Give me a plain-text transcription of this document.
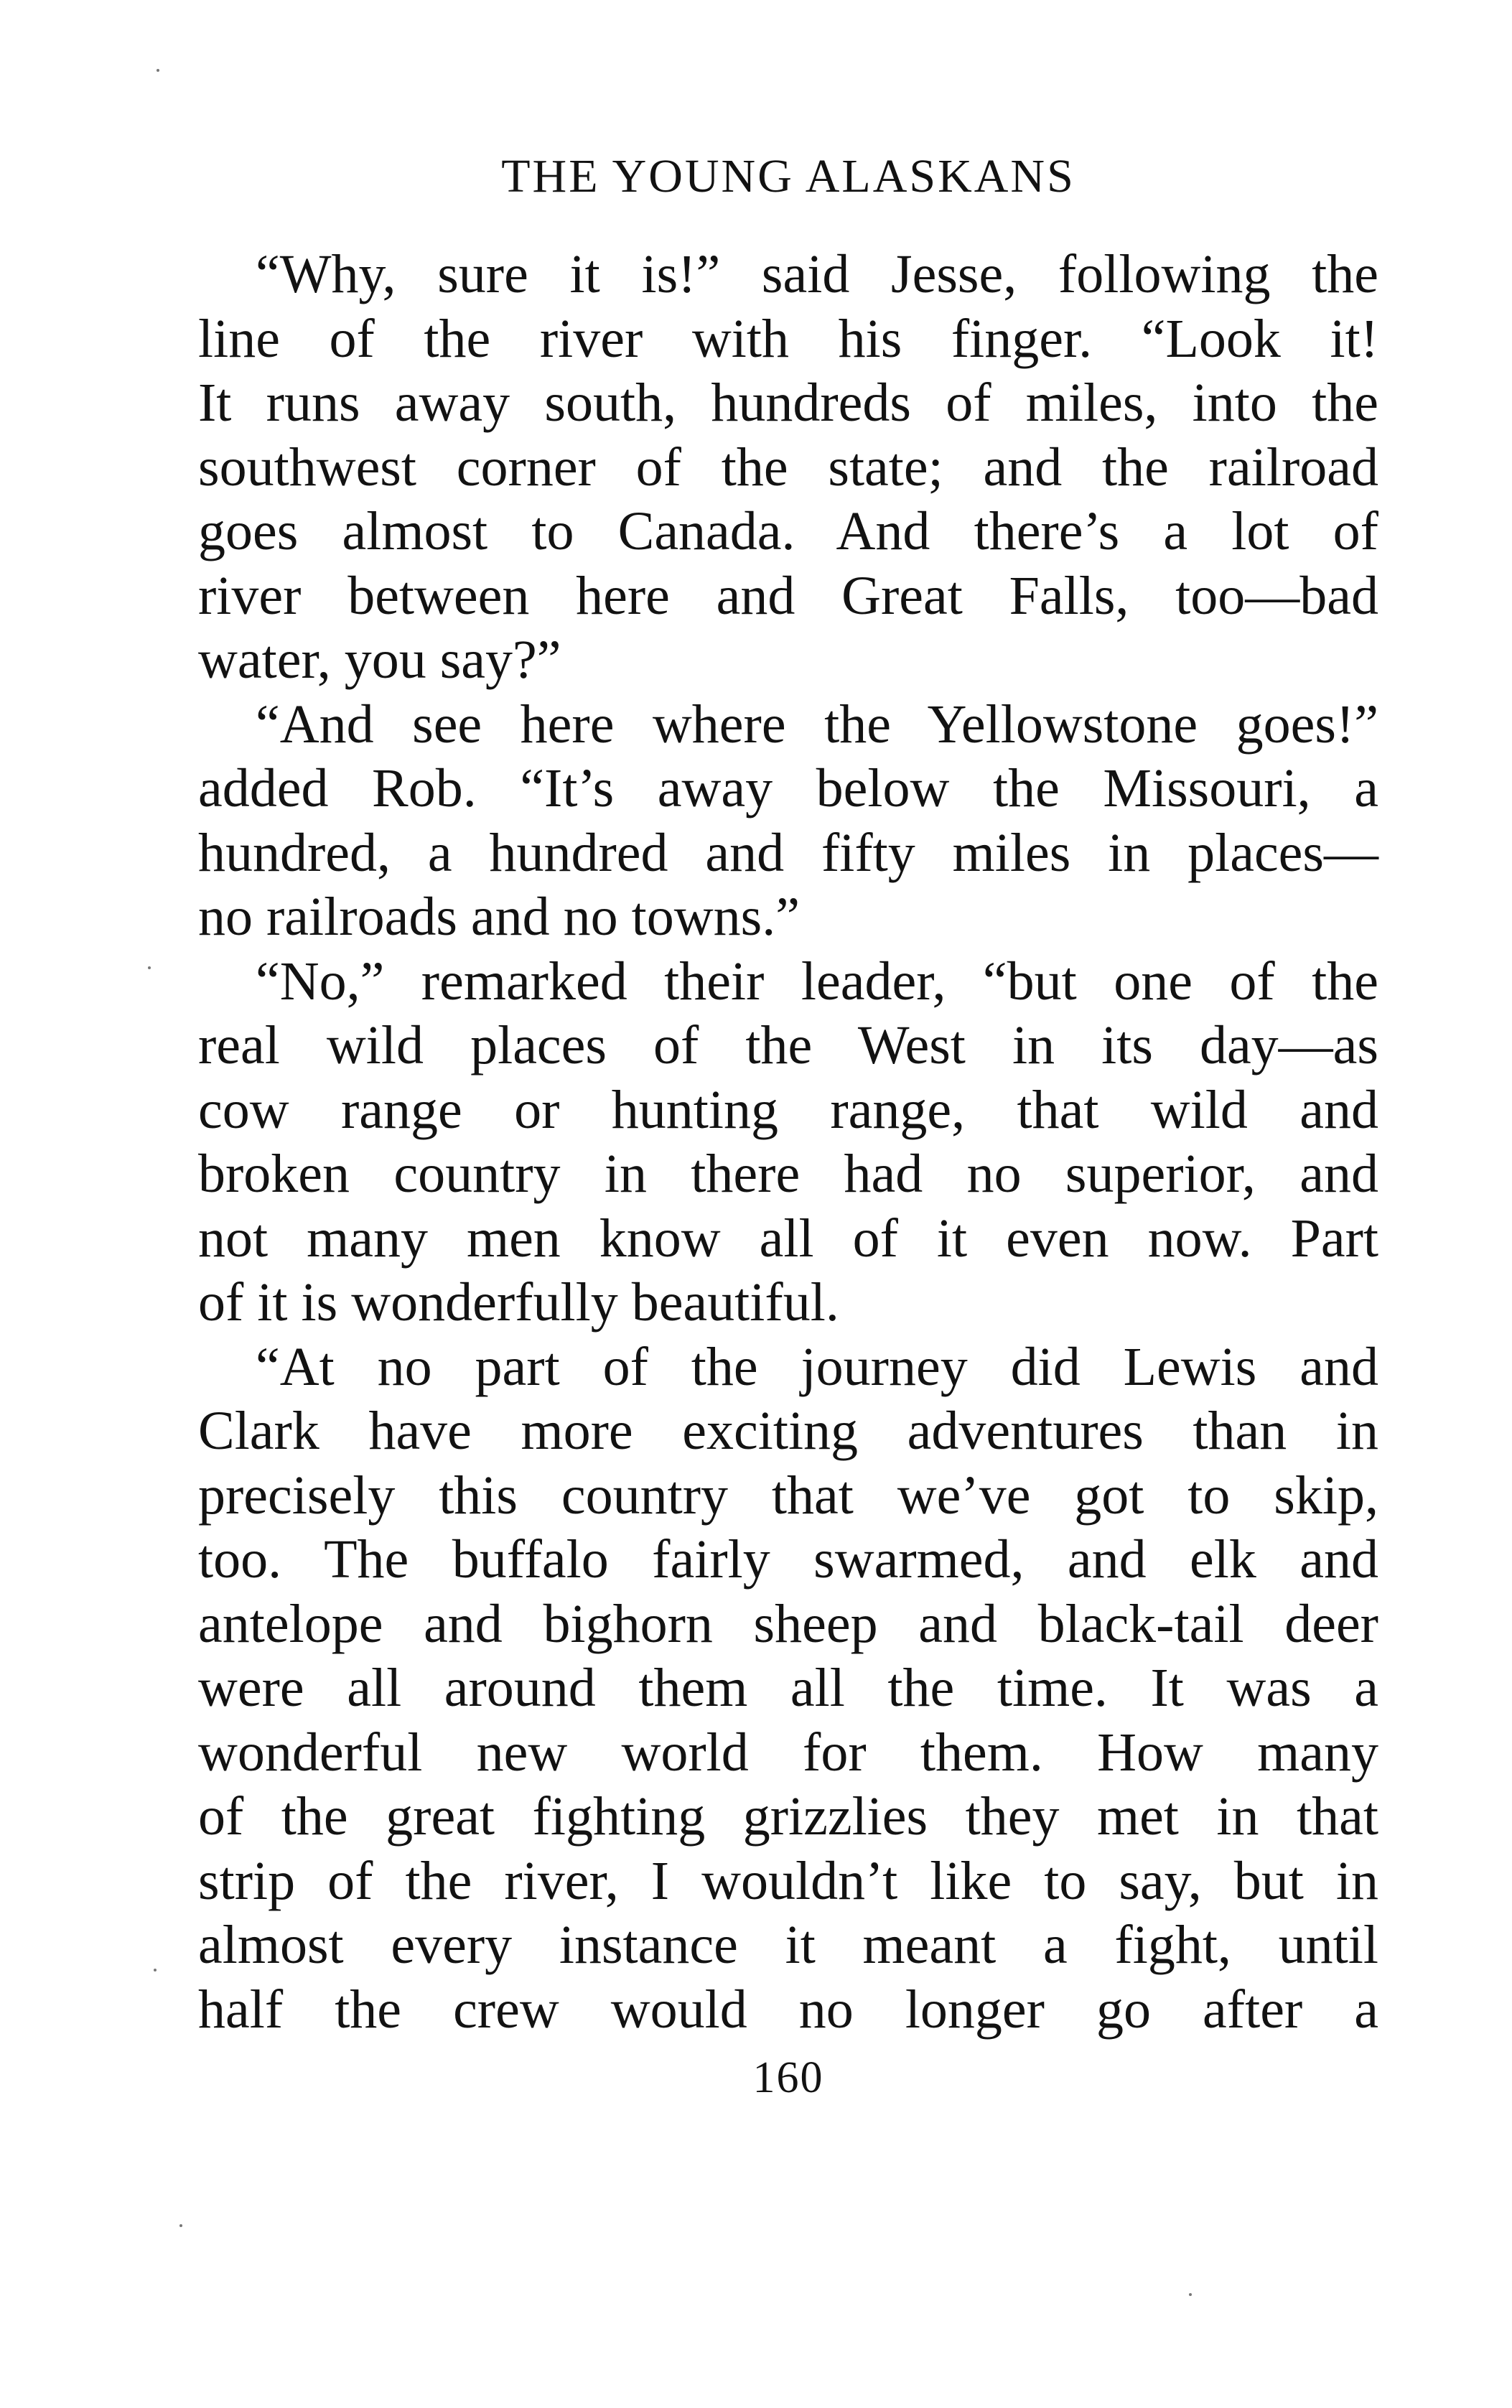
THE YOUNG ALASKANS
“Why, sure it is!” said Jesse, following the
line of the river with his finger. “Look it!
It runs away south, hundreds of miles, into the
southwest corner of the state; and the railroad
goes almost to Canada. And there’s a lot of
river between here and Great Falls, too—bad
water, you say?”
“And see here where the Yellowstone goes!”
added Rob. “It’s away below the Missouri, a
hundred, a hundred and fifty miles in places—
no railroads and no towns.”
“No,” remarked their leader, “but one of the
real wild places of the West in its day—as
cow range or hunting range, that wild and
broken country in there had no superior, and
not many men know all of it even now. Part
of it is wonderfully beautiful.
“At no part of the journey did Lewis and
Clark have more exciting adventures than in
precisely this country that we’ve got to skip,
too. The buffalo fairly swarmed, and elk and
antelope and bighorn sheep and black-tail deer
were all around them all the time. It was a
wonderful new world for them. How many
of the great fighting grizzlies they met in that
strip of the river, I wouldn’t like to say, but in
almost every instance it meant a fight, until
half the crew would no longer go after a
160
